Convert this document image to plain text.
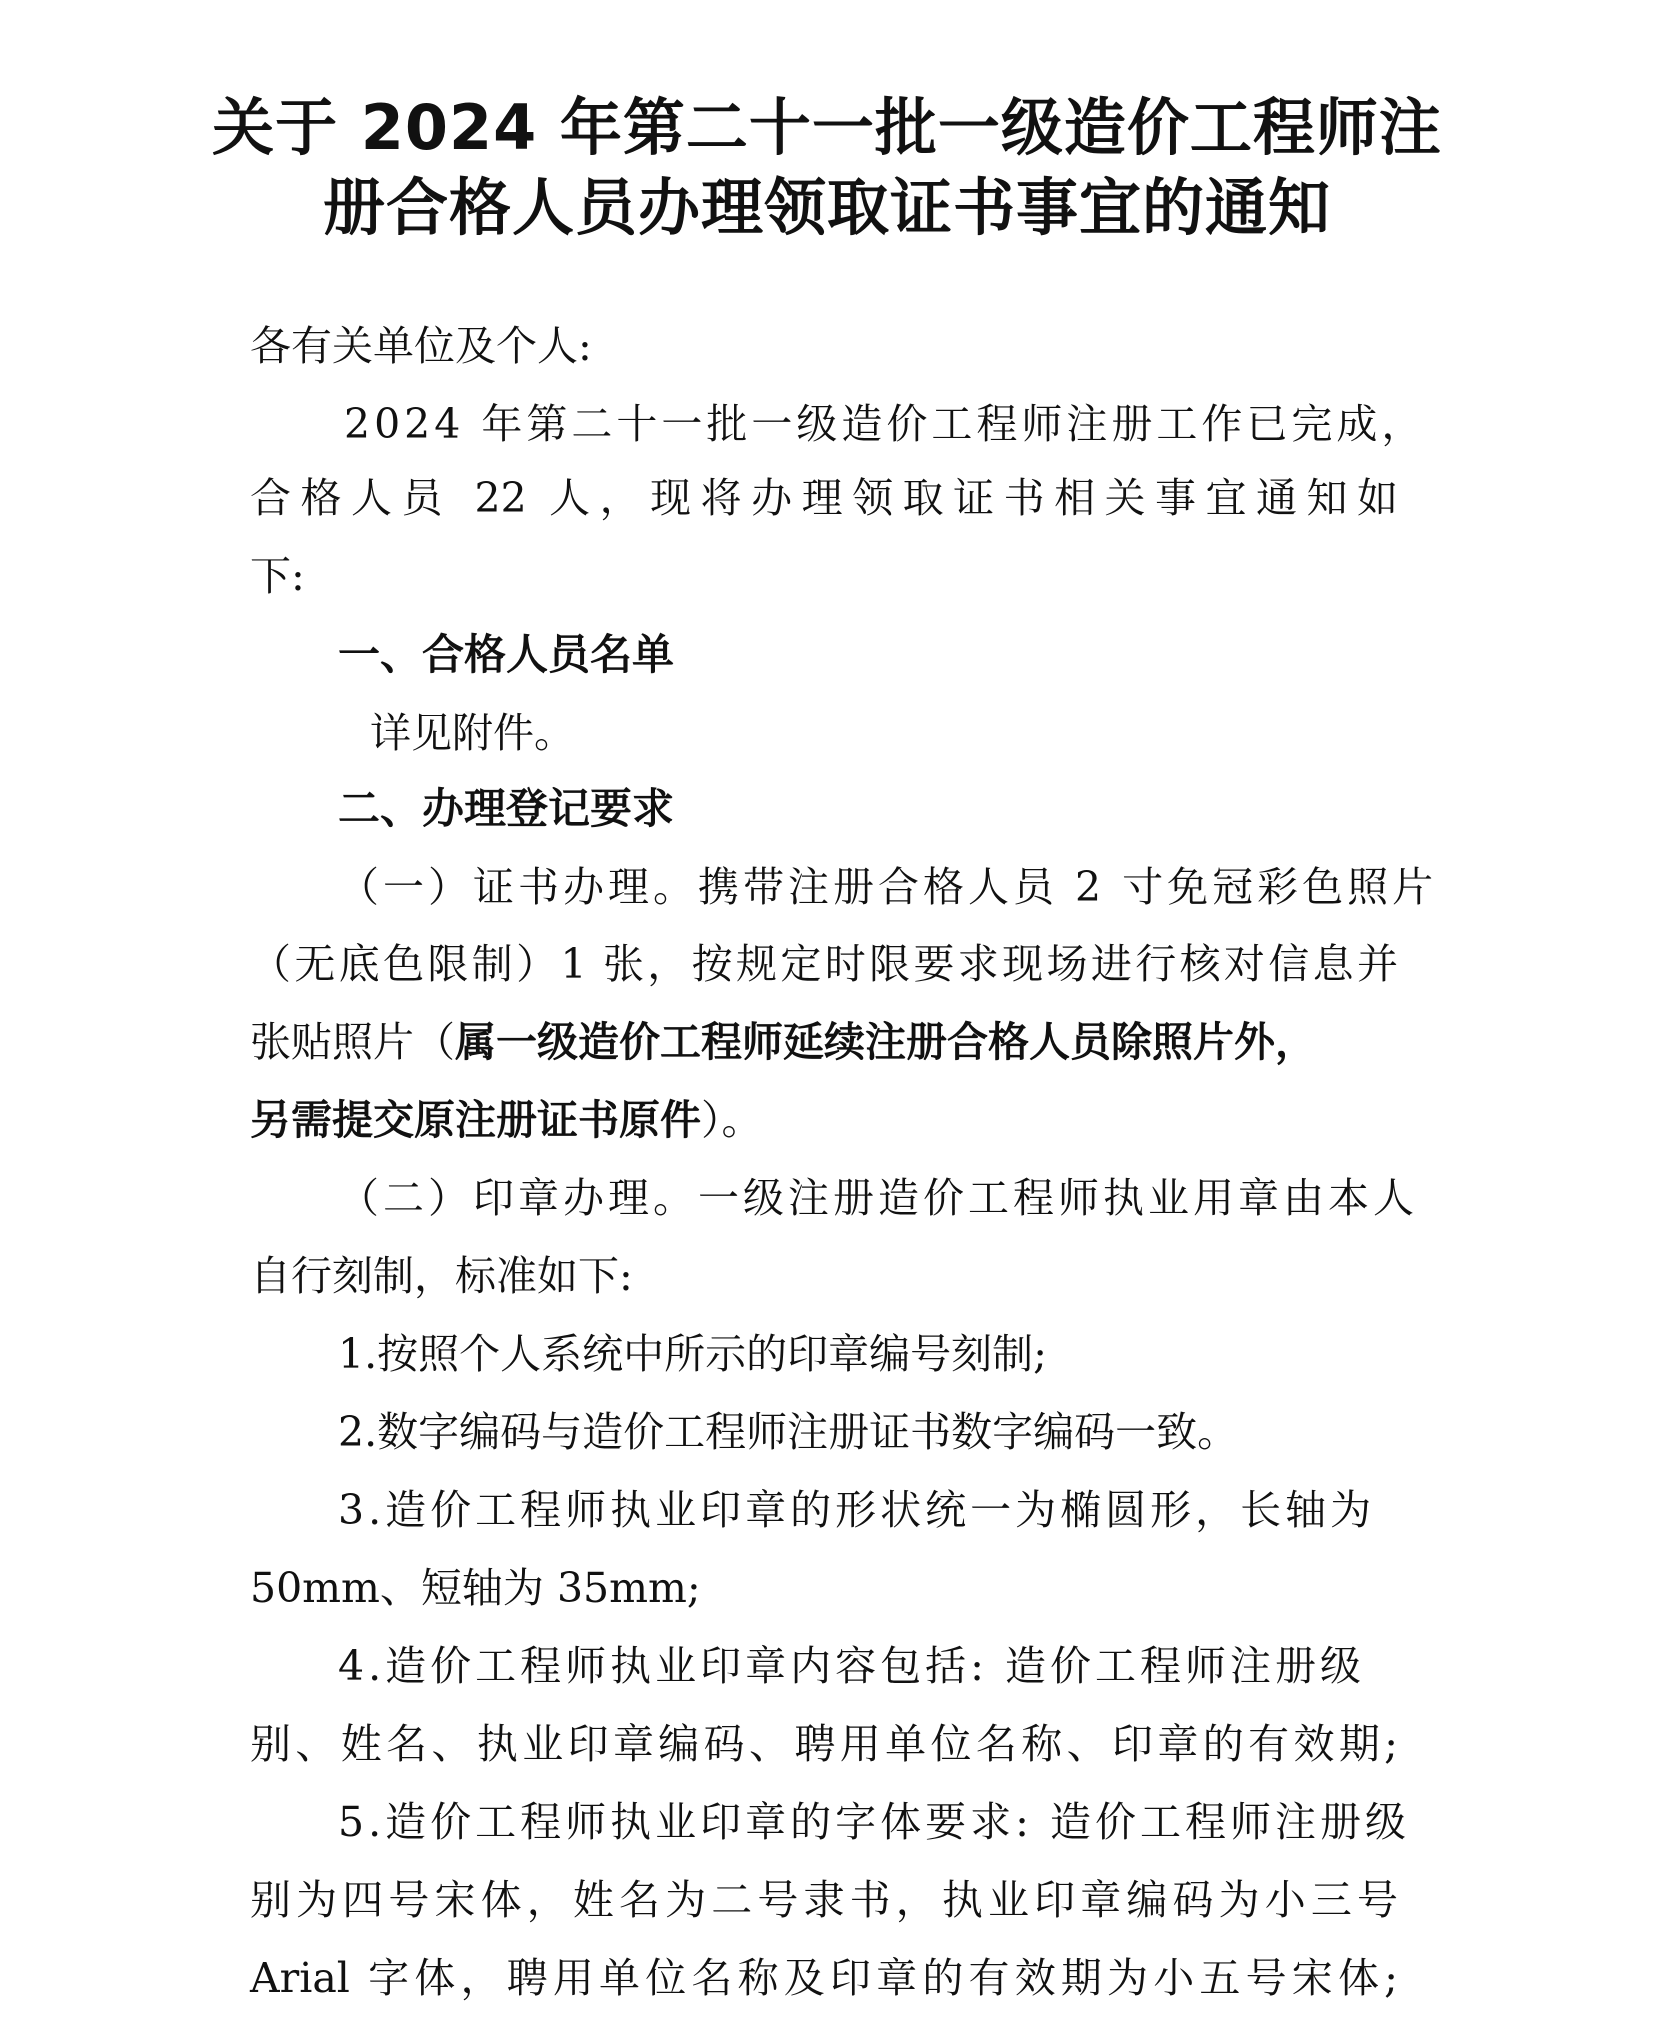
关于 2024 年第二十一批一级造价工程师注
册合格人员办理领取证书事宜的通知

各有关单位及个人:

2024 年第二十一批一级造价工程师注册工作已完成，

合格人员 22 人，现将办理领取证书相关事宜通知如

下:

一、合格人员名单

详见附件。

二、办理登记要求

（一）证书办理。携带注册合格人员 2 寸免冠彩色照片

（无底色限制）1 张，按规定时限要求现场进行核对信息并

张贴照片（属一级造价工程师延续注册合格人员除照片外，

另需提交原注册证书原件）。

（二）印章办理。一级注册造价工程师执业用章由本人

自行刻制，标准如下:

1.按照个人系统中所示的印章编号刻制;

2.数字编码与造价工程师注册证书数字编码一致。

3.造价工程师执业印章的形状统一为椭圆形，长轴为

50mm、短轴为 35mm;

4.造价工程师执业印章内容包括: 造价工程师注册级

别、姓名、执业印章编码、聘用单位名称、印章的有效期;

5.造价工程师执业印章的字体要求: 造价工程师注册级

别为四号宋体，姓名为二号隶书，执业印章编码为小三号

Arial 字体，聘用单位名称及印章的有效期为小五号宋体;
